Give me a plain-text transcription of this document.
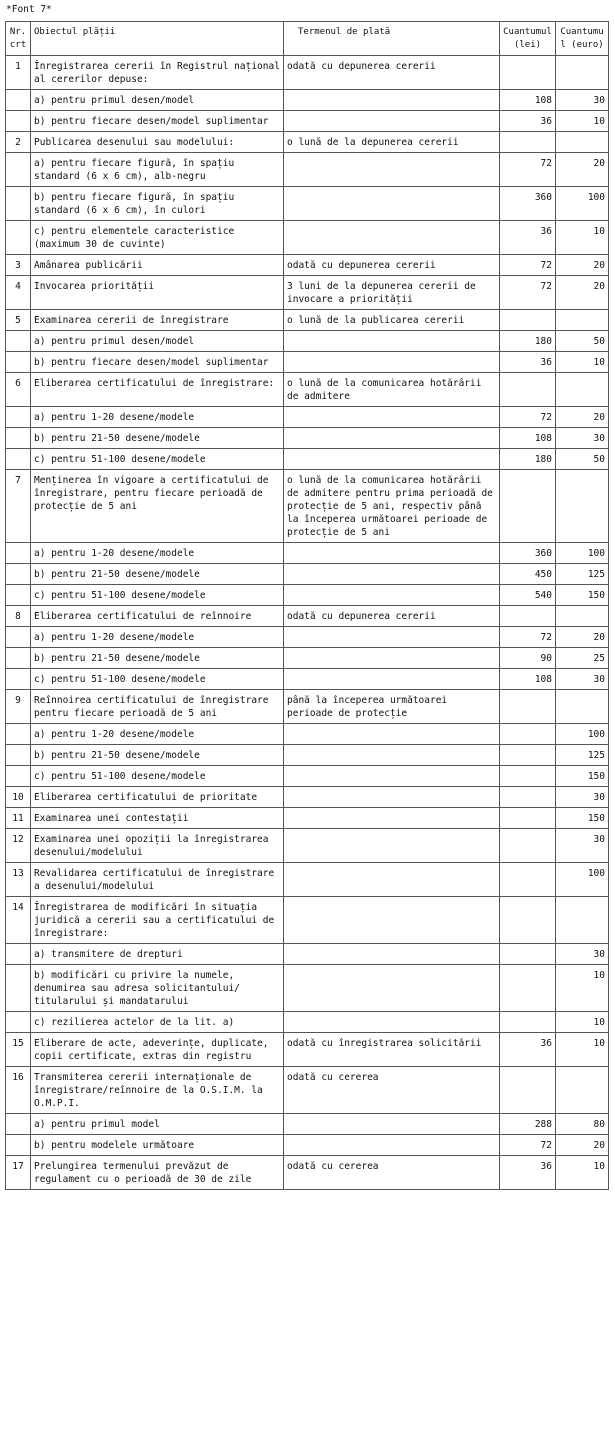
*Font 7*
Nr. crt	Obiectul plății	Termenul de plată	Cuantumul (lei)	Cuantumul (euro)
1	Înregistrarea cererii în Registrul național al cererilor depuse:	odată cu depunerea cererii		
	a) pentru primul desen/model		108	30
	b) pentru fiecare desen/model suplimentar		36	10
2	Publicarea desenului sau modelului:	o lună de la depunerea cererii		
	a) pentru fiecare figură, în spațiu standard (6 x 6 cm), alb-negru		72	20
	b) pentru fiecare figură, în spațiu standard (6 x 6 cm), în culori		360	100
	c) pentru elementele caracteristice (maximum 30 de cuvinte)		36	10
3	Amânarea publicării	odată cu depunerea cererii	72	20
4	Invocarea priorității	3 luni de la depunerea cererii de invocare a priorității	72	20
5	Examinarea cererii de înregistrare	o lună de la publicarea cererii		
	a) pentru primul desen/model		180	50
	b) pentru fiecare desen/model suplimentar		36	10
6	Eliberarea certificatului de înregistrare:	o lună de la comunicarea hotărârii de admitere		
	a) pentru 1-20 desene/modele		72	20
	b) pentru 21-50 desene/modele		108	30
	c) pentru 51-100 desene/modele		180	50
7	Menținerea în vigoare a certificatului de înregistrare, pentru fiecare perioadă de protecție de 5 ani	o lună de la comunicarea hotărârii de admitere pentru prima perioadă de protecție de 5 ani, respectiv până la începerea următoarei perioade de protecție de 5 ani		
	a) pentru 1-20 desene/modele		360	100
	b) pentru 21-50 desene/modele		450	125
	c) pentru 51-100 desene/modele		540	150
8	Eliberarea certificatului de reînnoire	odată cu depunerea cererii		
	a) pentru 1-20 desene/modele		72	20
	b) pentru 21-50 desene/modele		90	25
	c) pentru 51-100 desene/modele		108	30
9	Reînnoirea certificatului de înregistrare pentru fiecare perioadă de 5 ani	până la începerea următoarei perioade de protecție		
	a) pentru 1-20 desene/modele			100
	b) pentru 21-50 desene/modele			125
	c) pentru 51-100 desene/modele			150
10	Eliberarea certificatului de prioritate			30
11	Examinarea unei contestații			150
12	Examinarea unei opoziții la înregistrarea desenului/modelului			30
13	Revalidarea certificatului de înregistrare a desenului/modelului			100
14	Înregistrarea de modificări în situația juridică a cererii sau a certificatului de înregistrare:			
	a) transmitere de drepturi			30
	b) modificări cu privire la numele, denumirea sau adresa solicitantului/ titularului și mandatarului			10
	c) rezilierea actelor de la lit. a)			10
15	Eliberare de acte, adeverințe, duplicate, copii certificate, extras din registru	odată cu înregistrarea solicitării	36	10
16	Transmiterea cererii internaționale de înregistrare/reînnoire de la O.S.I.M. la O.M.P.I.	odată cu cererea		
	a) pentru primul model		288	80
	b) pentru modelele următoare		72	20
17	Prelungirea termenului prevăzut de regulament cu o perioadă de 30 de zile	odată cu cererea	36	10
